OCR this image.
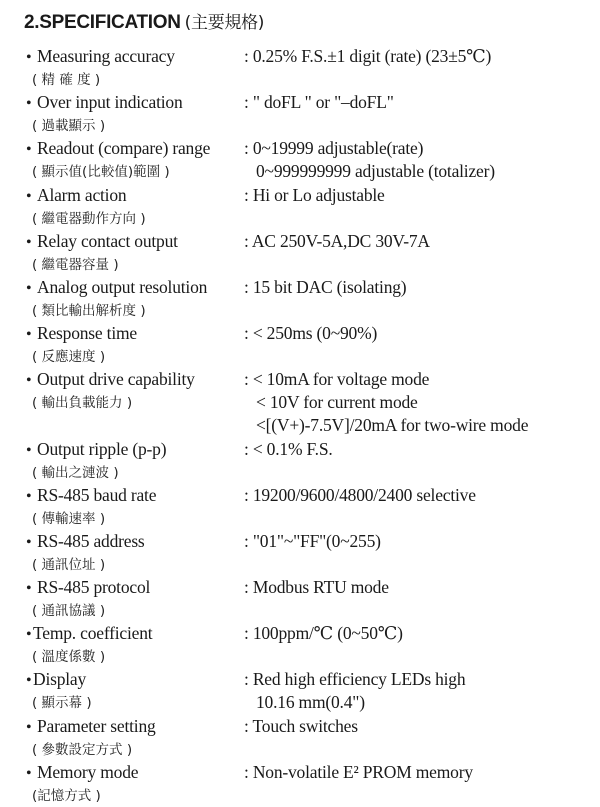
2.SPECIFICATION (主要規格)
• Measuring accuracy
( 精 確 度 )
: 0.25% F.S.±1 digit (rate) (23±5℃)
• Over input indication
( 過載顯示 )
: " doFL " or "–doFL"
• Readout (compare) range
( 顯示值(比較值)範圍 )
: 0~19999 adjustable(rate)
0~999999999 adjustable (totalizer)
• Alarm action
( 繼電器動作方向 )
: Hi or Lo adjustable
• Relay contact output
( 繼電器容量 )
: AC 250V-5A,DC 30V-7A
• Analog output resolution
( 類比輸出解析度 )
: 15 bit DAC (isolating)
• Response time
( 反應速度 )
: < 250ms (0~90%)
• Output drive capability
( 輸出負載能力 )
: < 10mA for voltage mode
< 10V for current mode
<[(V+)-7.5V]/20mA for two-wire mode
• Output ripple (p-p)
( 輸出之漣波 )
: < 0.1% F.S.
• RS-485 baud rate
( 傳輸速率 )
: 19200/9600/4800/2400 selective
• RS-485 address
( 通訊位址 )
: "01"~"FF"(0~255)
• RS-485 protocol
( 通訊協議 )
: Modbus RTU mode
•Temp. coefficient
( 溫度係數 )
: 100ppm/℃ (0~50℃)
•Display
( 顯示幕 )
: Red high efficiency LEDs high
10.16 mm(0.4")
• Parameter setting
( 參數設定方式 )
: Touch switches
• Memory mode
(記憶方式 )
: Non-volatile E² PROM memory
